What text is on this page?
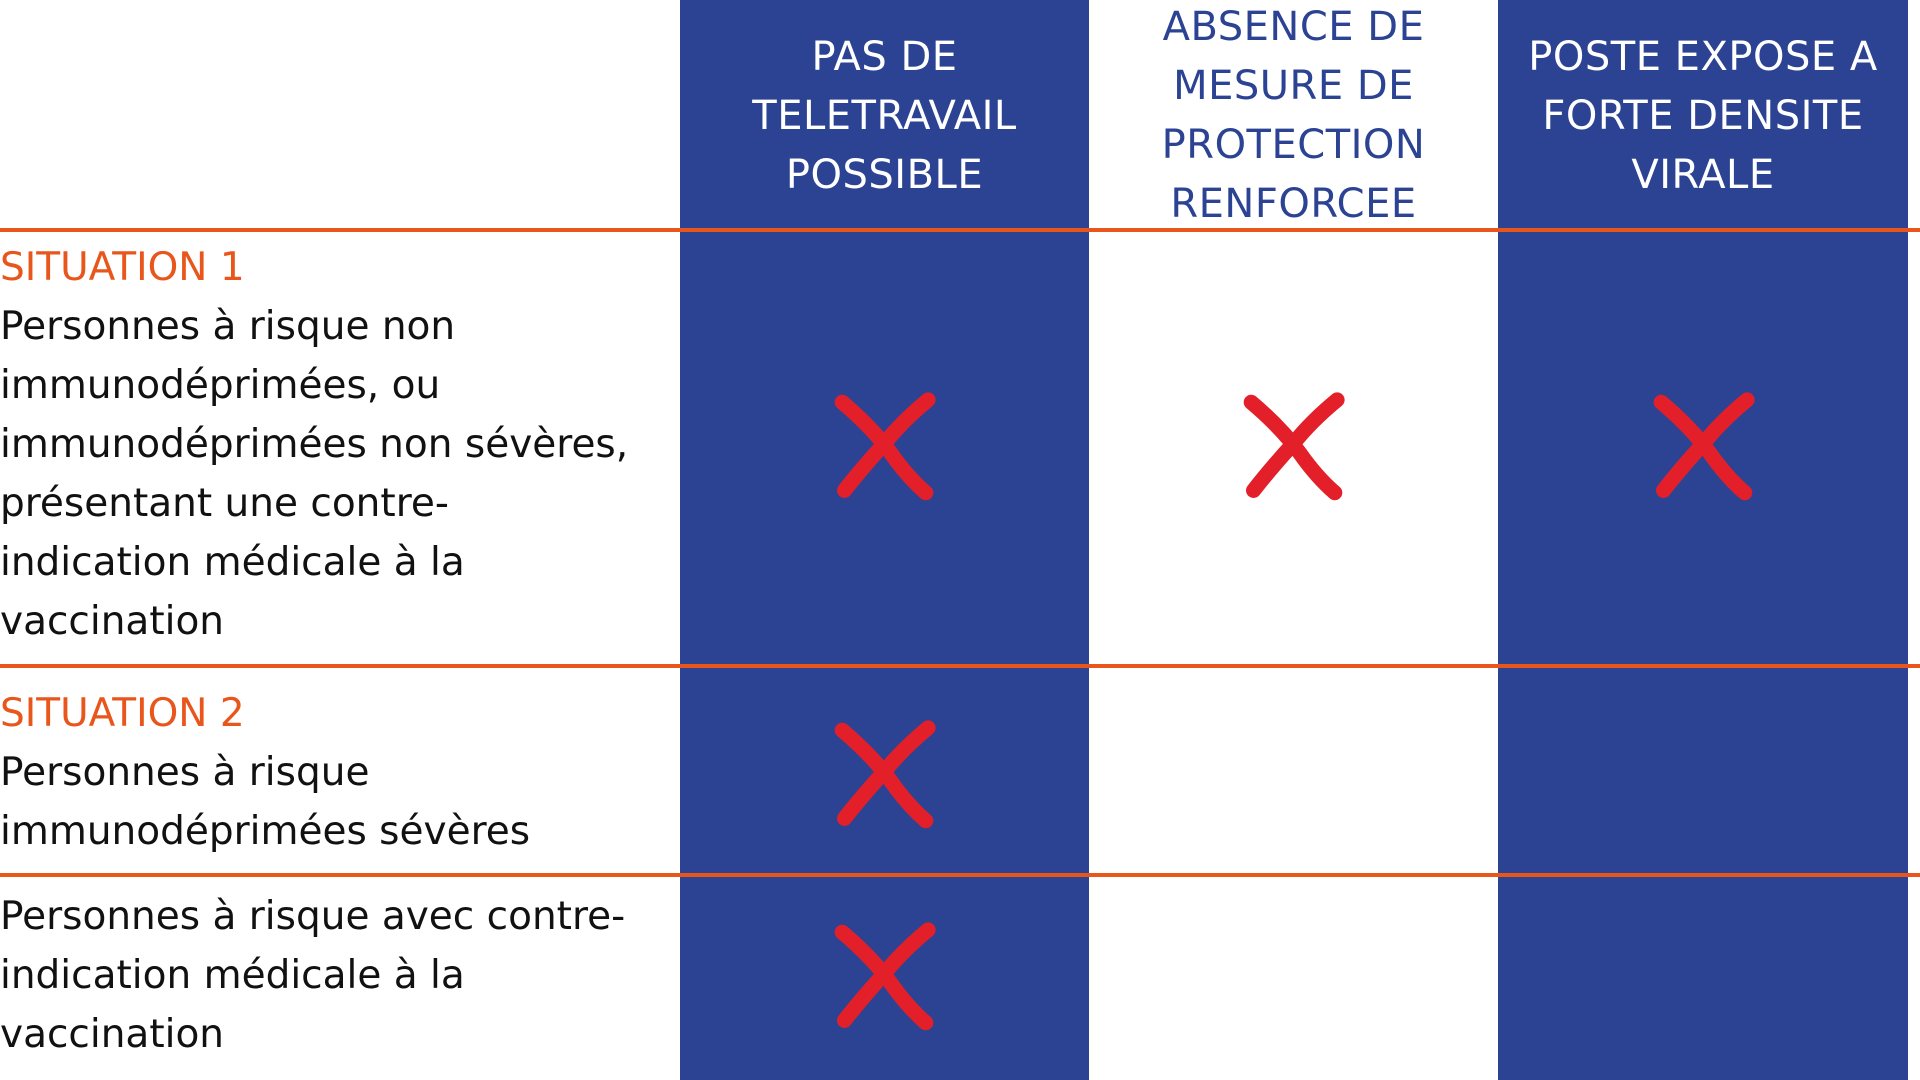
PAS DE
TELETRAVAIL
POSSIBLE
ABSENCE DE
MESURE DE
PROTECTION
RENFORCEE
POSTE EXPOSE A
FORTE DENSITE
VIRALE
SITUATION 1
Personnes à risque non
immunodéprimées, ou
immunodéprimées non sévères,
présentant une contre-
indication médicale à la
vaccination
SITUATION 2
Personnes à risque
immunodéprimées sévères
Personnes à risque avec contre-
indication médicale à la
vaccination
